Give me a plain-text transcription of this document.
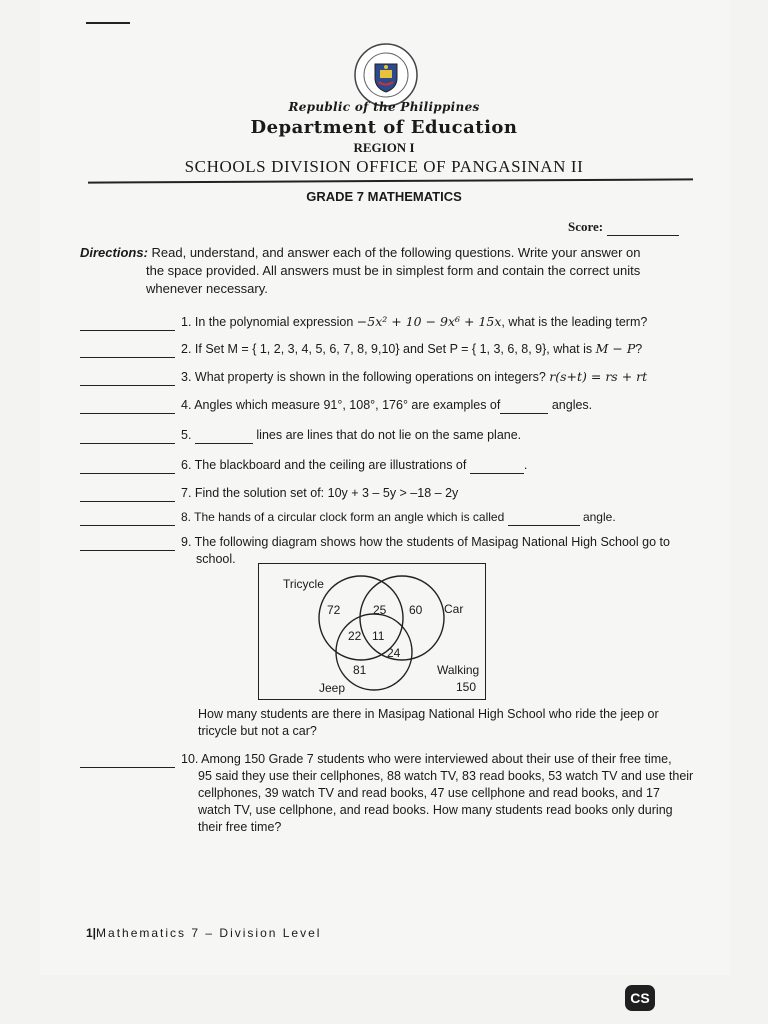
Republic of the Philippines
Department of Education
REGION I
SCHOOLS DIVISION OFFICE OF PANGASINAN II
GRADE 7 MATHEMATICS
Score:
Directions: Read, understand, and answer each of the following questions. Write your answer on
the space provided. All answers must be in simplest form and contain the correct units whenever necessary.
1. In the polynomial expression −5x² + 10 − 9x⁶ + 15x, what is the leading term?
2. If Set M = { 1, 2, 3, 4, 5, 6, 7, 8, 9,10} and Set P = { 1, 3, 6, 8, 9}, what is M − P?
3. What property is shown in the following operations on integers? r(s+t) = rs + rt
4. Angles which measure 91°, 108°, 176° are examples of	angles.
5.	lines are lines that do not lie on the same plane.
6. The blackboard and the ceiling are illustrations of	.
7. Find the solution set of: 10y + 3 – 5y > –18 – 2y
8. The hands of a circular clock form an angle which is called	angle.
9. The following diagram shows how the students of Masipag National High School go to
school.
Tricycle
Car
Jeep
Walking
150
72	25 60
22 11
24
81
How many students are there in Masipag National High School who ride the jeep or tricycle but not a car?
10. Among 150 Grade 7 students who were interviewed about their use of their free time,
95 said they use their cellphones, 88 watch TV, 83 read books, 53 watch TV and use their cellphones, 39 watch TV and read books, 47 use cellphone and read books, and 17 watch TV, use cellphone, and read books. How many students read books only during their free time?
1|Mathematics 7 – Division Level
CS
